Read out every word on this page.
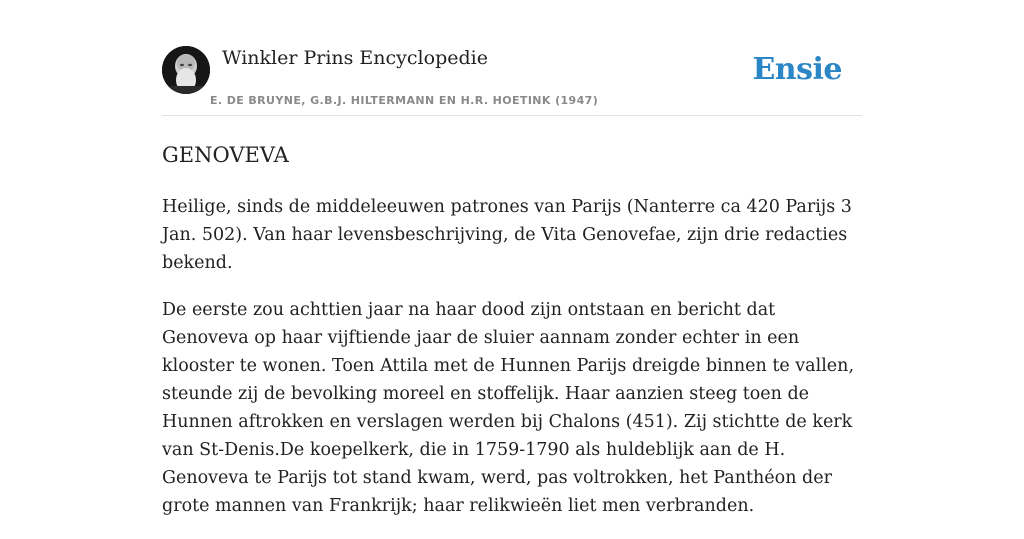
Winkler Prins Encyclopedie
E. DE BRUYNE, G.B.J. HILTERMANN EN H.R. HOETINK (1947)
Ensie
GENOVEVA

Heilige, sinds de middeleeuwen patrones van Parijs (Nanterre ca 420 Parijs 3 Jan. 502). Van haar levensbeschrijving, de Vita Genovefae, zijn drie redacties bekend.

De eerste zou achttien jaar na haar dood zijn ontstaan en bericht dat Genoveva op haar vijftiende jaar de sluier aannam zonder echter in een klooster te wonen. Toen Attila met de Hunnen Parijs dreigde binnen te vallen, steunde zij de bevolking moreel en stoffelijk. Haar aanzien steeg toen de Hunnen aftrokken en verslagen werden bij Chalons (451). Zij stichtte de kerk van St-Denis.De koepelkerk, die in 1759-1790 als huldeblijk aan de H. Genoveva te Parijs tot stand kwam, werd, pas voltrokken, het Panthéon der grote mannen van Frankrijk; haar relikwieën liet men verbranden.
